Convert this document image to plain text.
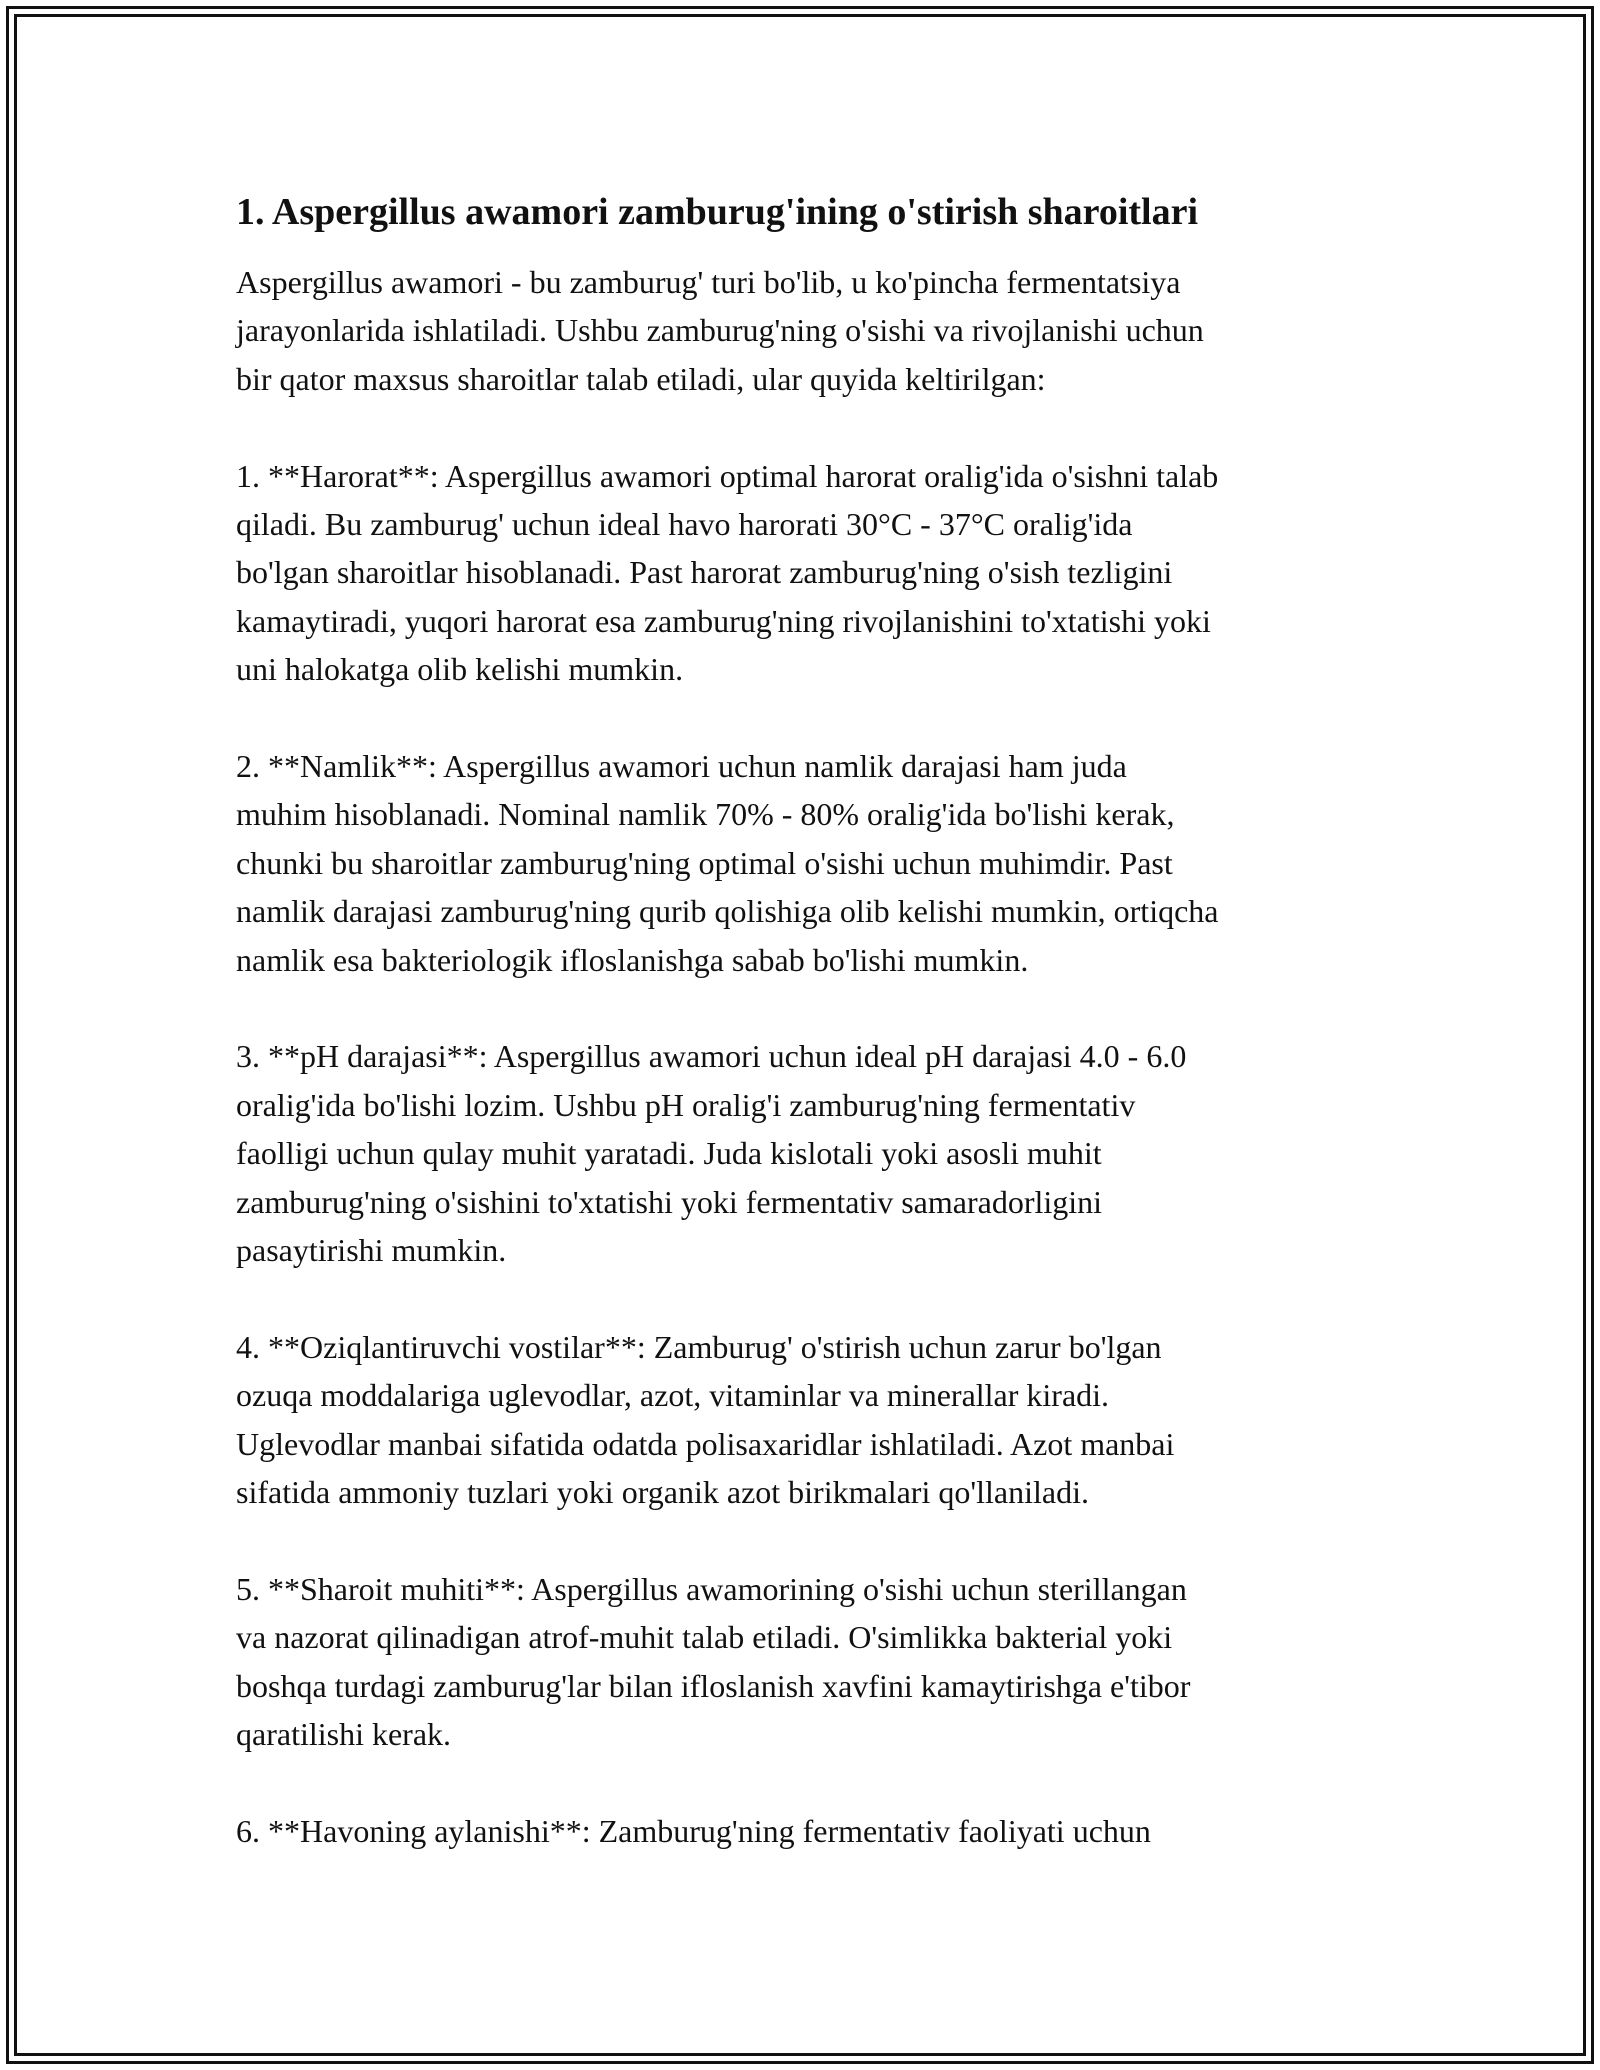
1. Aspergillus awamori zamburug'ining o'stirish sharoitlari
Aspergillus awamori - bu zamburug' turi bo'lib, u ko'pincha fermentatsiya
jarayonlarida ishlatiladi. Ushbu zamburug'ning o'sishi va rivojlanishi uchun
bir qator maxsus sharoitlar talab etiladi, ular quyida keltirilgan:
1. **Harorat**: Aspergillus awamori optimal harorat oralig'ida o'sishni talab
qiladi. Bu zamburug' uchun ideal havo harorati 30°C - 37°C oralig'ida
bo'lgan sharoitlar hisoblanadi. Past harorat zamburug'ning o'sish tezligini
kamaytiradi, yuqori harorat esa zamburug'ning rivojlanishini to'xtatishi yoki
uni halokatga olib kelishi mumkin.
2. **Namlik**: Aspergillus awamori uchun namlik darajasi ham juda
muhim hisoblanadi. Nominal namlik 70% - 80% oralig'ida bo'lishi kerak,
chunki bu sharoitlar zamburug'ning optimal o'sishi uchun muhimdir. Past
namlik darajasi zamburug'ning qurib qolishiga olib kelishi mumkin, ortiqcha
namlik esa bakteriologik ifloslanishga sabab bo'lishi mumkin.
3. **pH darajasi**: Aspergillus awamori uchun ideal pH darajasi 4.0 - 6.0
oralig'ida bo'lishi lozim. Ushbu pH oralig'i zamburug'ning fermentativ
faolligi uchun qulay muhit yaratadi. Juda kislotali yoki asosli muhit
zamburug'ning o'sishini to'xtatishi yoki fermentativ samaradorligini
pasaytirishi mumkin.
4. **Oziqlantiruvchi vostilar**: Zamburug' o'stirish uchun zarur bo'lgan
ozuqa moddalariga uglevodlar, azot, vitaminlar va minerallar kiradi.
Uglevodlar manbai sifatida odatda polisaxaridlar ishlatiladi. Azot manbai
sifatida ammoniy tuzlari yoki organik azot birikmalari qo'llaniladi.
5. **Sharoit muhiti**: Aspergillus awamorining o'sishi uchun sterillangan
va nazorat qilinadigan atrof-muhit talab etiladi. O'simlikka bakterial yoki
boshqa turdagi zamburug'lar bilan ifloslanish xavfini kamaytirishga e'tibor
qaratilishi kerak.
6. **Havoning aylanishi**: Zamburug'ning fermentativ faoliyati uchun
